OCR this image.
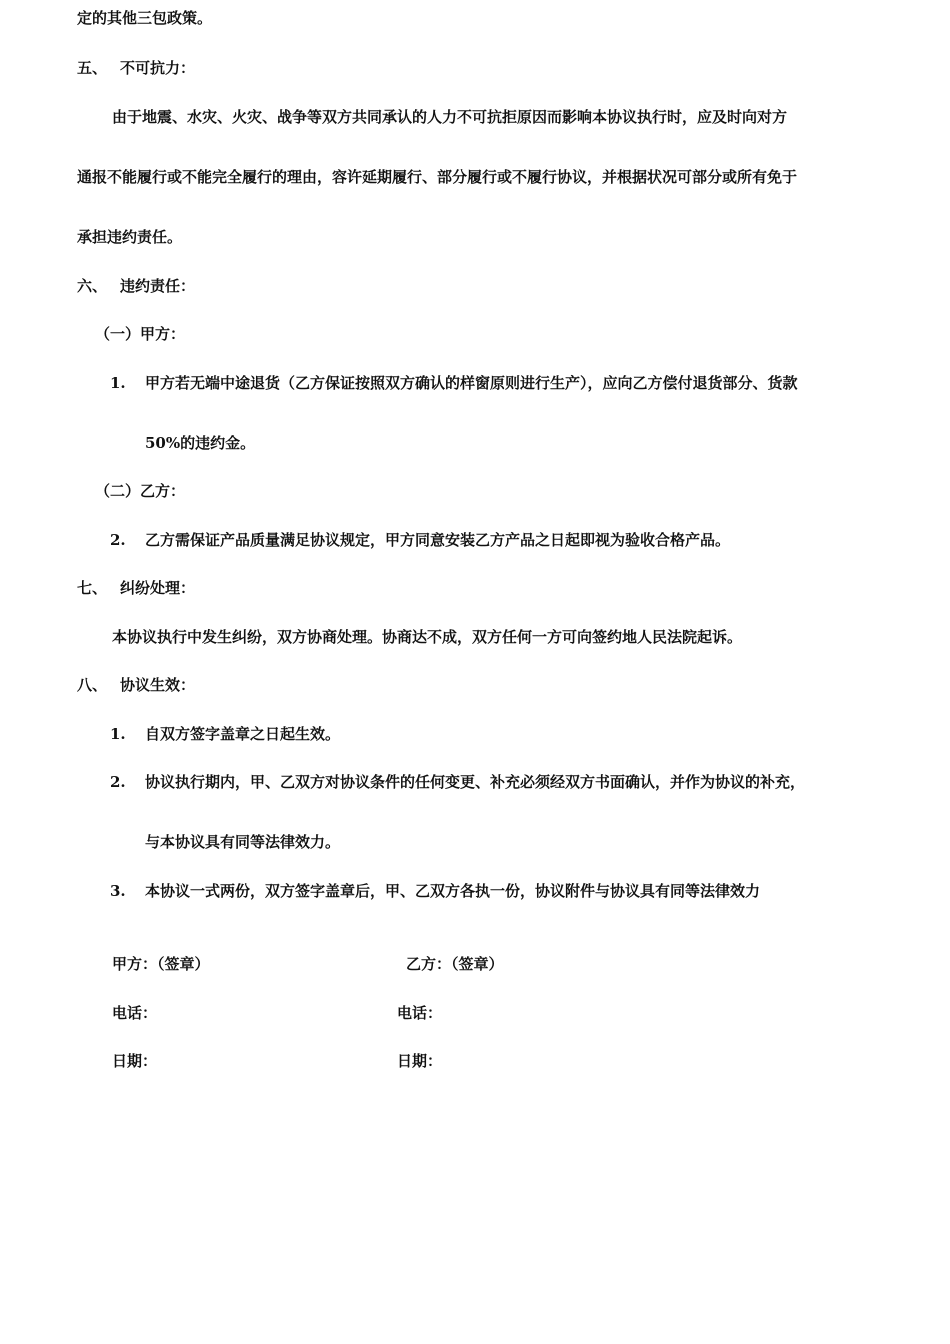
定的其他三包政策。
五、 不可抗力：
由于地震、水灾、火灾、战争等双方共同承认的人力不可抗拒原因而影响本协议执行时，应及时向对方
通报不能履行或不能完全履行的理由，容许延期履行、部分履行或不履行协议，并根据状况可部分或所有免于
承担违约责任。
六、 违约责任：
（一）甲方：
1. 甲方若无端中途退货（乙方保证按照双方确认的样窗原则进行生产），应向乙方偿付退货部分、货款
50%的违约金。
（二）乙方：
2. 乙方需保证产品质量满足协议规定，甲方同意安装乙方产品之日起即视为验收合格产品。
七、 纠纷处理：
本协议执行中发生纠纷，双方协商处理。协商达不成，双方任何一方可向签约地人民法院起诉。
八、 协议生效：
1. 自双方签字盖章之日起生效。
2. 协议执行期内，甲、乙双方对协议条件的任何变更、补充必须经双方书面确认，并作为协议的补充，
与本协议具有同等法律效力。
3. 本协议一式两份，双方签字盖章后，甲、乙双方各执一份，协议附件与协议具有同等法律效力
甲方：（签章）	乙方：（签章）
电话：	电话：
日期：	日期：
